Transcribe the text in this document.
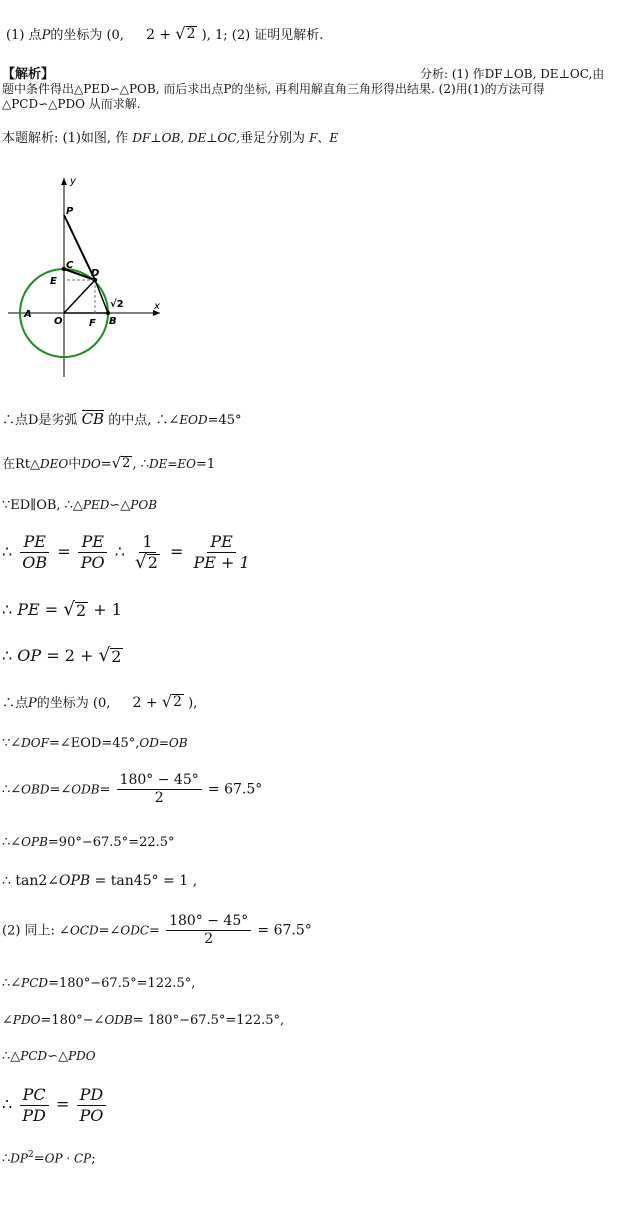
(1) 点P的坐标为 (0, 2 + √ 2 ), 1; (2) 证明见解析.
【解析】	分析: (1) 作DF⊥OB, DE⊥OC,由
题中条件得出△PED∽△POB, 而后求出点P的坐标, 再利用解直角三角形得出结果. (2)用(1)的方法可得
△PCD∽△PDO 从而求解.
本题解析: (1)如图, 作 DF⊥OB, DE⊥OC,垂足分别为 F、E
y
x
P
C
D
E
A
O	F B
√2
∴点D是劣弧 CB 的中点, ∴∠EOD=45°
在Rt△DEO中DO= √ 2 , ∴DE=EO=1
∵ED∥OB, ∴△PED∽△POB
∴ $\frac{PE}{OB} = \frac{PE}{PO}$ ∴ $\frac{1}{√ 2} = \frac{PE}{PE + 1}$
∴ PE = √ 2 + 1
∴ OP = 2 + √ 2
∴点P的坐标为 (0, 2 + √ 2 ),
∵∠DOF=∠EOD=45°,OD=OB
∴∠OBD=∠ODB= $\frac{180^\circ - 45^\circ}{2} = 67.5^\circ$
∴∠OPB=90°−67.5°=22.5°
∴ tan2∠OPB = tan45° = 1 ,
(2) 同上: ∠OCD=∠ODC= $\frac{180^\circ - 45^\circ}{2} = 67.5^\circ$
∴∠PCD=180°−67.5°=122.5°,
∠PDO=180°−∠ODB= 180°−67.5°=122.5°,
∴△PCD∽△PDO
∴ $\frac{PC}{PD} = \frac{PD}{PO}$
$\therefore DP^2=OP$ · CP;
